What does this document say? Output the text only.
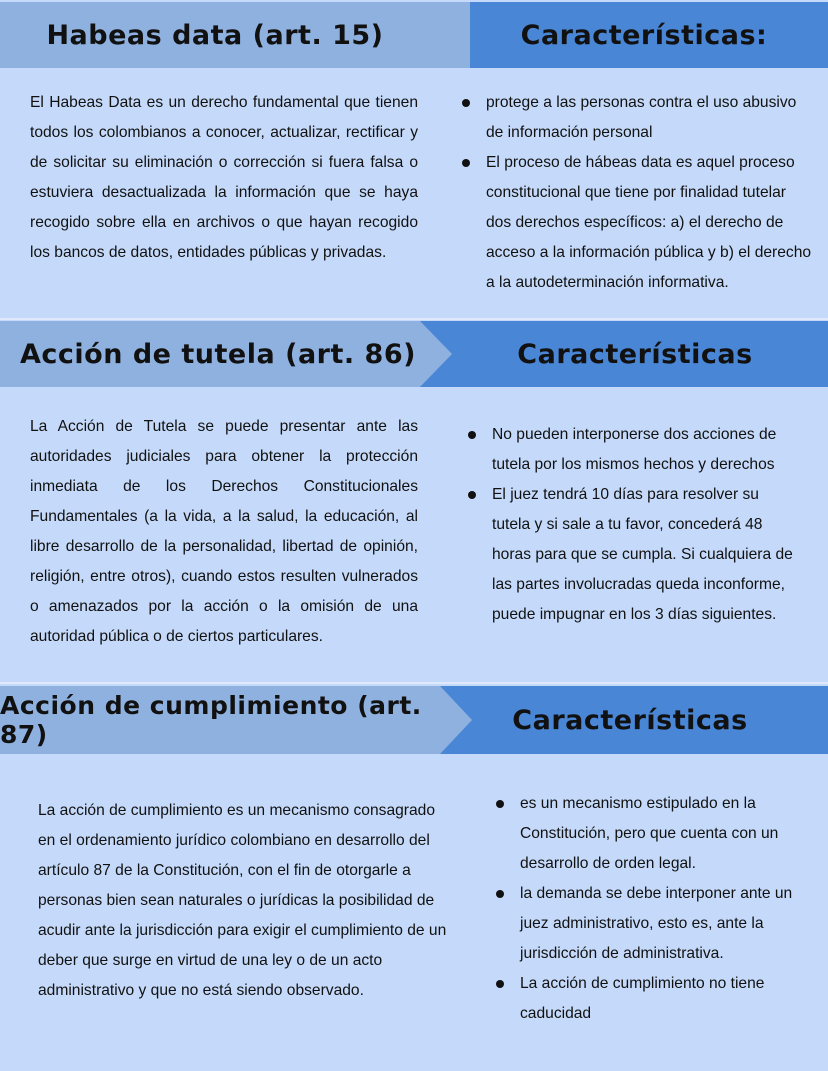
Habeas data (art. 15)	Características:
El Habeas Data es un derecho fundamental que tienen todos los colombianos a conocer, actualizar, rectificar y de solicitar su eliminación o corrección si fuera falsa o estuviera desactualizada la información que se haya recogido sobre ella en archivos o que hayan recogido los bancos de datos, entidades públicas y privadas.
protege a las personas contra el uso abusivo de información personal
El proceso de hábeas data es aquel proceso constitucional que tiene por finalidad tutelar dos derechos específicos: a) el derecho de acceso a la información pública y b) el derecho a la autodeterminación informativa.
Acción de tutela (art. 86)	Características
La Acción de Tutela se puede presentar ante las autoridades judiciales para obtener la protección inmediata de los Derechos Constitucionales Fundamentales (a la vida, a la salud, la educación, al libre desarrollo de la personalidad, libertad de opinión, religión, entre otros), cuando estos resulten vulnerados o amenazados por la acción o la omisión de una autoridad pública o de ciertos particulares.
No pueden interponerse dos acciones de tutela por los mismos hechos y derechos
El juez tendrá 10 días para resolver su tutela y si sale a tu favor, concederá 48 horas para que se cumpla. Si cualquiera de las partes involucradas queda inconforme, puede impugnar en los 3 días siguientes.
Acción de cumplimiento (art. 87)	Características
La acción de cumplimiento es un mecanismo consagrado en el ordenamiento jurídico colombiano en desarrollo del artículo 87 de la Constitución, con el fin de otorgarle a personas bien sean naturales o jurídicas la posibilidad de acudir ante la jurisdicción para exigir el cumplimiento de un deber que surge en virtud de una ley o de un acto administrativo y que no está siendo observado.
es un mecanismo estipulado en la Constitución, pero que cuenta con un desarrollo de orden legal.
la demanda se debe interponer ante un juez administrativo, esto es, ante la jurisdicción de administrativa.
La acción de cumplimiento no tiene caducidad
